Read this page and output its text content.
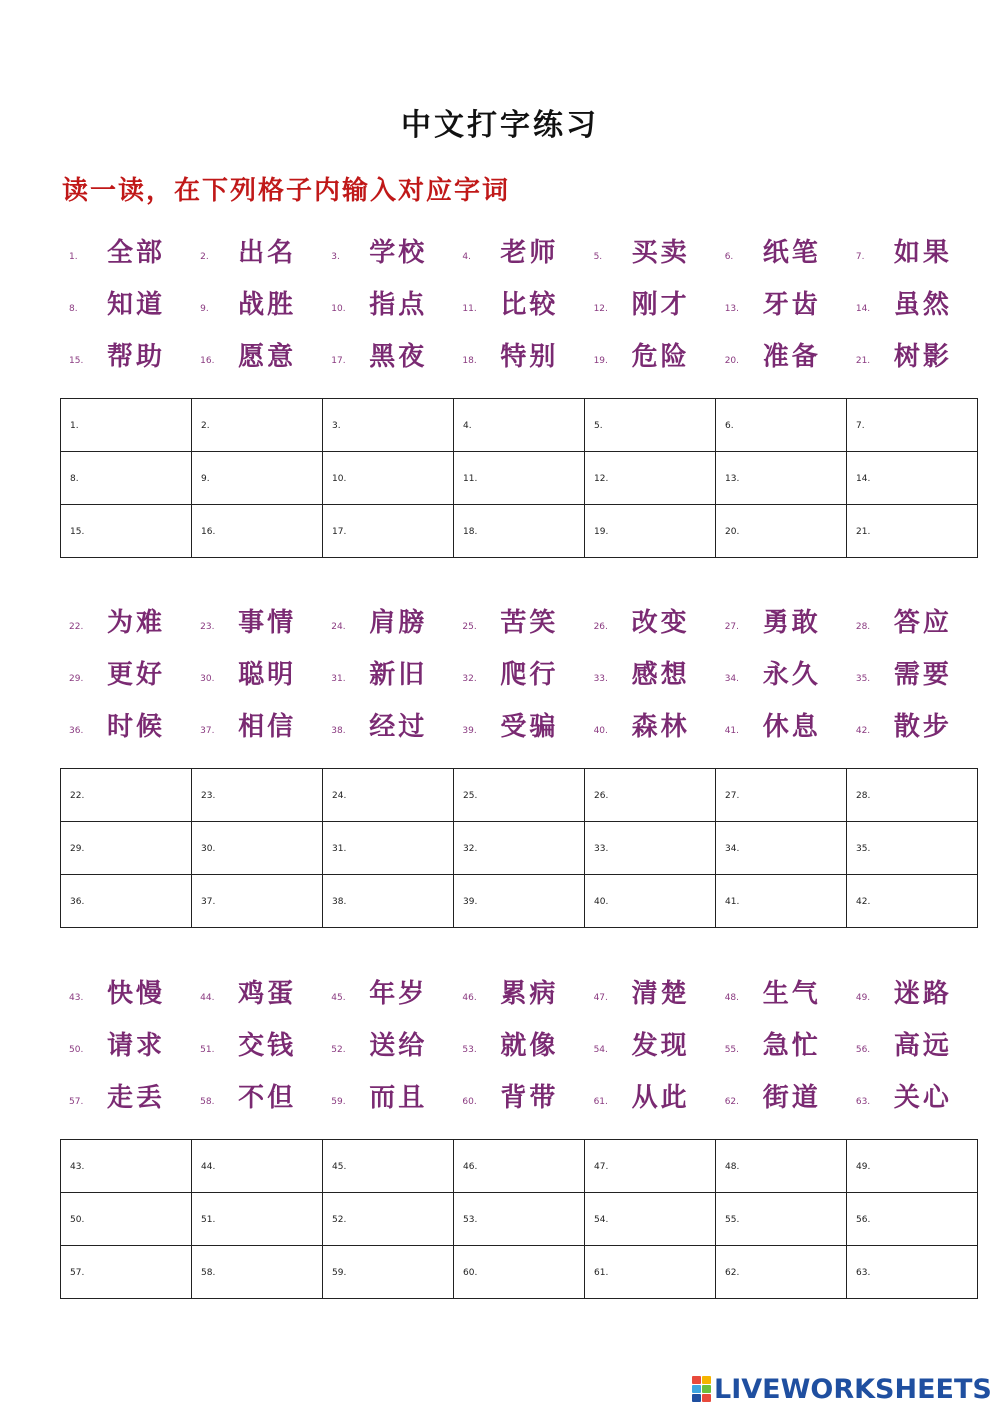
中文打字练习
读一读，在下列格子内输入对应字词
1. 全部	2. 出名	3. 学校	4. 老师	5. 买卖	6. 纸笔	7. 如果
8. 知道	9. 战胜	10. 指点	11. 比较	12. 刚才	13. 牙齿	14. 虽然
15. 帮助	16. 愿意	17. 黑夜	18. 特别	19. 危险	20. 准备	21. 树影
1.	2.	3.	4.	5.	6.	7.

8.	9.	10.	11.	12.	13.	14.

15.	16.	17.	18.	19.	20.	21.
22. 为难	23. 事情	24. 肩膀	25. 苦笑	26. 改变	27. 勇敢	28. 答应
29. 更好	30. 聪明	31. 新旧	32. 爬行	33. 感想	34. 永久	35. 需要
36. 时候	37. 相信	38. 经过	39. 受骗	40. 森林	41. 休息	42. 散步
22.	23.	24.	25.	26.	27.	28.

29.	30.	31.	32.	33.	34.	35.

36.	37.	38.	39.	40.	41.	42.
43. 快慢	44. 鸡蛋	45. 年岁	46. 累病	47. 清楚	48. 生气	49. 迷路
50. 请求	51. 交钱	52. 送给	53. 就像	54. 发现	55. 急忙	56. 高远
57. 走丢	58. 不但	59. 而且	60. 背带	61. 从此	62. 街道	63. 关心
43.	44.	45.	46.	47.	48.	49.

50.	51.	52.	53.	54.	55.	56.

57.	58.	59.	60.	61.	62.	63.
LIVEWORKSHEETS
